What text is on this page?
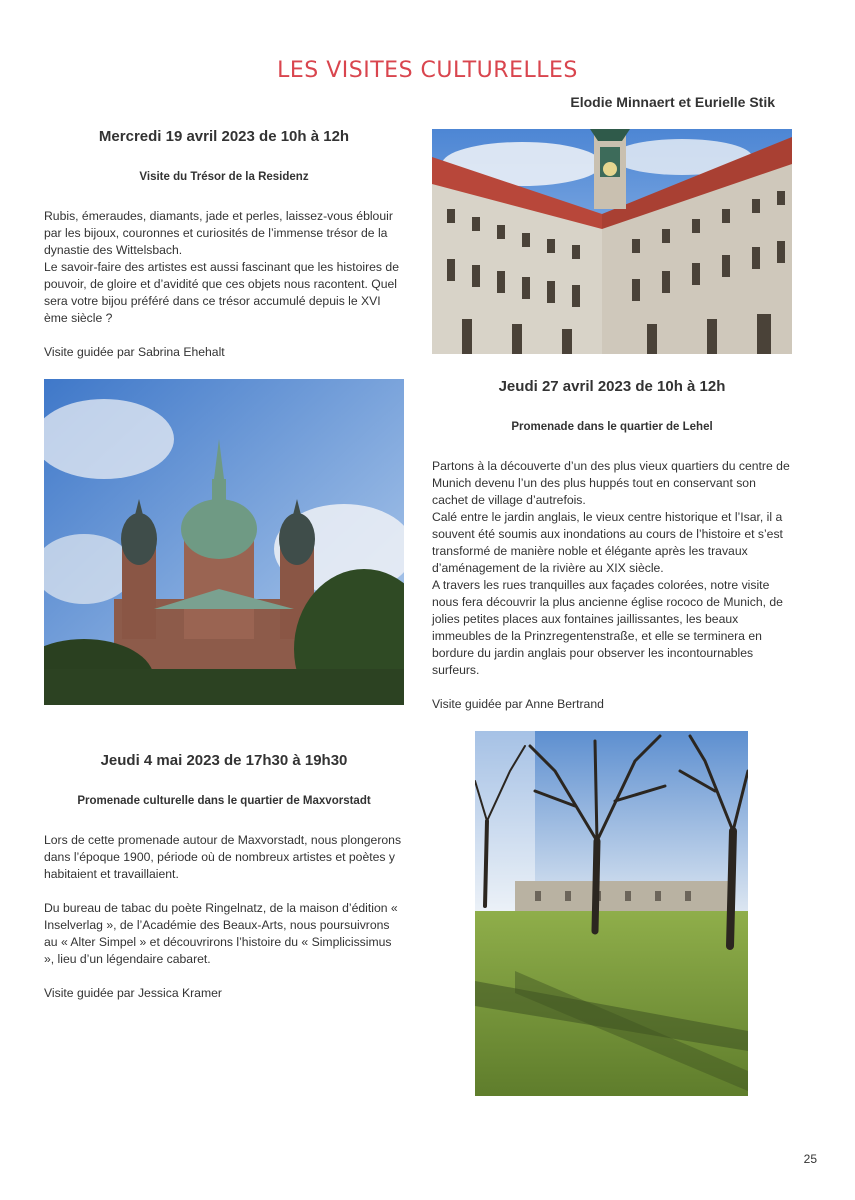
LES VISITES CULTURELLES
Elodie Minnaert et Eurielle Stik

Mercredi 19 avril 2023 de 10h à 12h

Visite du Trésor de la Residenz

Rubis, émeraudes, diamants, jade et perles, laissez-vous éblouir par les bijoux, couronnes et curiosités de l’immense trésor de la dynastie des Wittelsbach.

Le savoir-faire des artistes est aussi fascinant que les histoires de pouvoir, de gloire et d’avidité que ces objets nous racontent. Quel sera votre bijou préféré dans ce trésor accumulé depuis le XVI ème siècle ?

Visite guidée par Sabrina Ehehalt

Jeudi 27 avril 2023 de 10h à 12h

Promenade dans le quartier de Lehel

Partons à la découverte d’un des plus vieux quartiers du centre de Munich devenu l’un des plus huppés tout en conservant son cachet de village d’autrefois.

Calé entre le jardin anglais, le vieux centre historique et l’Isar, il a souvent été soumis aux inondations au cours de l’histoire et s’est transformé de manière noble et élégante après les travaux d’aménagement de la rivière au XIX siècle.

A travers les rues tranquilles aux façades colorées, notre visite nous fera découvrir la plus ancienne église rococo de Munich, de jolies petites places aux fontaines jaillissantes, les beaux immeubles de la Prinzregentenstraße, et elle se terminera en bordure du jardin anglais pour observer les incontournables surfeurs.

Visite guidée par Anne Bertrand

Jeudi 4 mai 2023 de 17h30 à 19h30

Promenade culturelle dans le quartier de Maxvorstadt

Lors de cette promenade autour de Maxvorstadt, nous plongerons dans l’époque 1900, période où de nombreux artistes et poètes y habitaient et travaillaient.

Du bureau de tabac du poète Ringelnatz, de la maison d’édition « Inselverlag », de l’Académie des Beaux-Arts, nous poursuivrons au « Alter Simpel » et découvrirons l’histoire du « Simplicissimus », lieu d’un légendaire cabaret.

Visite guidée par Jessica Kramer

25
